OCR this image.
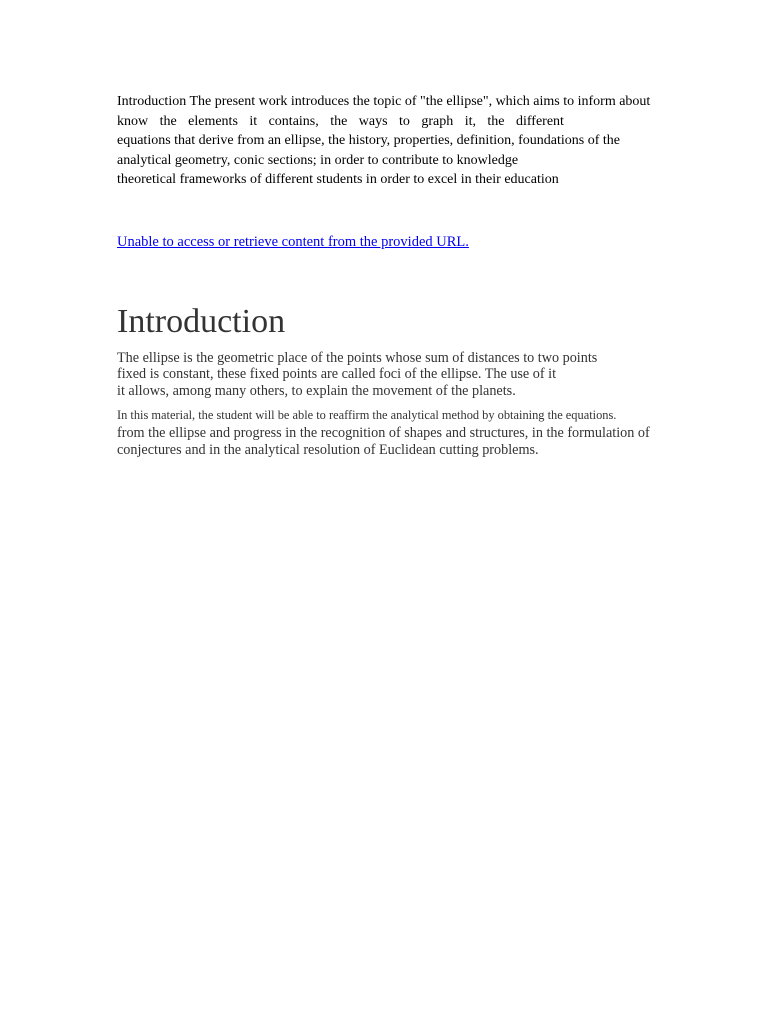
Introduction The present work introduces the topic of "the ellipse", which aims to inform about

know the elements it contains, the ways to graph it, the different

equations that derive from an ellipse, the history, properties, definition, foundations of the

analytical geometry, conic sections; in order to contribute to knowledge

theoretical frameworks of different students in order to excel in their education

Unable to access or retrieve content from the provided URL.
Introduction

The ellipse is the geometric place of the points whose sum of distances to two points

fixed is constant, these fixed points are called foci of the ellipse. The use of it

it allows, among many others, to explain the movement of the planets.

In this material, the student will be able to reaffirm the analytical method by obtaining the equations.

from the ellipse and progress in the recognition of shapes and structures, in the formulation of

conjectures and in the analytical resolution of Euclidean cutting problems.
